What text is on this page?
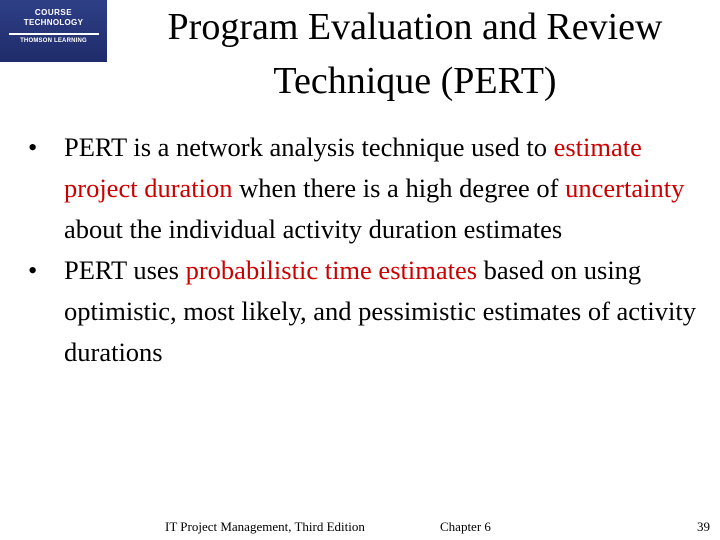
COURSE
TECHNOLOGY
THOMSON LEARNING	Program Evaluation and Review
Technique (PERT)
•	PERT is a network analysis technique used to estimate project duration when there is a high degree of uncertainty about the individual activity duration estimates
•	PERT uses probabilistic time estimates based on using optimistic, most likely, and pessimistic estimates of activity durations
IT Project Management, Third Edition	Chapter 6	39
